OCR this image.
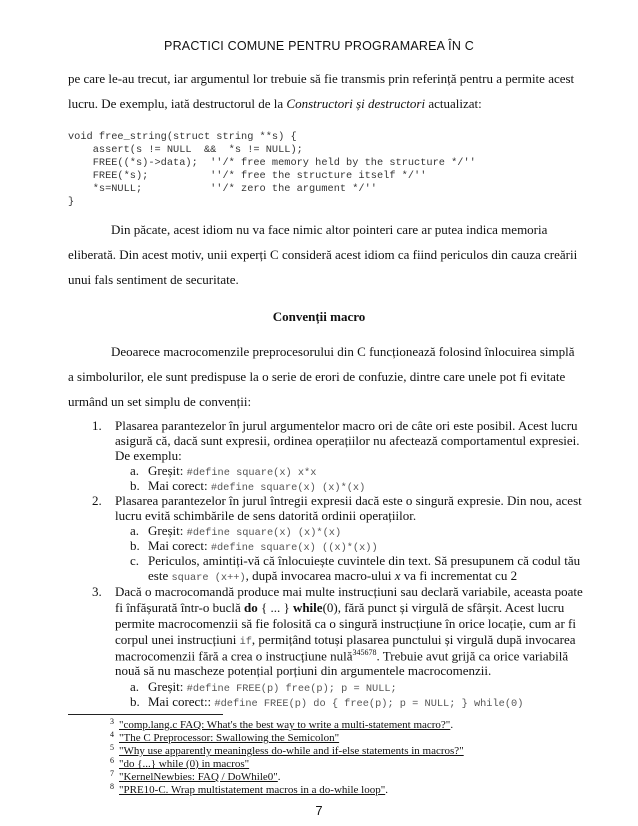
PRACTICI COMUNE PENTRU PROGRAMAREA ÎN C
pe care le-au trecut, iar argumentul lor trebuie să fie transmis prin referință pentru a permite acest
lucru. De exemplu, iată destructorul de la Constructori și destructori actualizat:
void free_string(struct string **s) {
assert(s != NULL  &&  *s != NULL);
FREE((*s)->data);  ''/* free memory held by the structure */''
FREE(*s);          ''/* free the structure itself */''
*s=NULL;           ''/* zero the argument */''
}
Din păcate, acest idiom nu va face nimic altor pointeri care ar putea indica memoria
eliberată. Din acest motiv, unii experți C consideră acest idiom ca fiind periculos din cauza creării
unui fals sentiment de securitate.
Convenții macro
Deoarece macrocomenzile preprocesorului din C funcționează folosind înlocuirea simplă
a simbolurilor, ele sunt predispuse la o serie de erori de confuzie, dintre care unele pot fi evitate
urmând un set simplu de convenții:
1. Plasarea parantezelor în jurul argumentelor macro ori de câte ori este posibil. Acest lucru
asigură că, dacă sunt expresii, ordinea operațiilor nu afectează comportamentul expresiei.
De exemplu:
a. Greșit: #define square(x) x*x
b. Mai corect: #define square(x) (x)*(x)
2. Plasarea parantezelor în jurul întregii expresii dacă este o singură expresie. Din nou, acest
lucru evită schimbările de sens datorită ordinii operațiilor.
a. Greșit: #define square(x) (x)*(x)
b. Mai corect: #define square(x) ((x)*(x))
c. Periculos, amintiți-vă că înlocuiește cuvintele din text. Să presupunem că codul tău
este square (x++), după invocarea macro-ului x va fi incrementat cu 2
3. Dacă o macrocomandă produce mai multe instrucțiuni sau declară variabile, aceasta poate
fi înfășurată într-o buclă do { ... } while(0), fără punct și virgulă de sfârșit. Acest lucru
permite macrocomenzii să fie folosită ca o singură instrucțiune în orice locație, cum ar fi
corpul unei instrucțiuni if, permițând totuși plasarea punctului și virgulă după invocarea
macrocomenzii fără a crea o instrucțiune nulă$^{345678}$. Trebuie avut grijă ca orice variabilă
nouă să nu mascheze potențial porțiuni din argumentele macrocomenzii.
a. Greșit: #define FREE(p) free(p); p = NULL;
b. Mai corect:: #define FREE(p) do { free(p); p = NULL; } while(0)
$^3$ "comp.lang.c FAQ: What's the best way to write a multi-statement macro?".
$^4$ "The C Preprocessor: Swallowing the Semicolon"
$^5$ "Why use apparently meaningless do-while and if-else statements in macros?"
$^6$ "do {...} while (0) in macros"
$^7$ "KernelNewbies: FAQ / DoWhile0".
$^8$ "PRE10-C. Wrap multistatement macros in a do-while loop".
7
